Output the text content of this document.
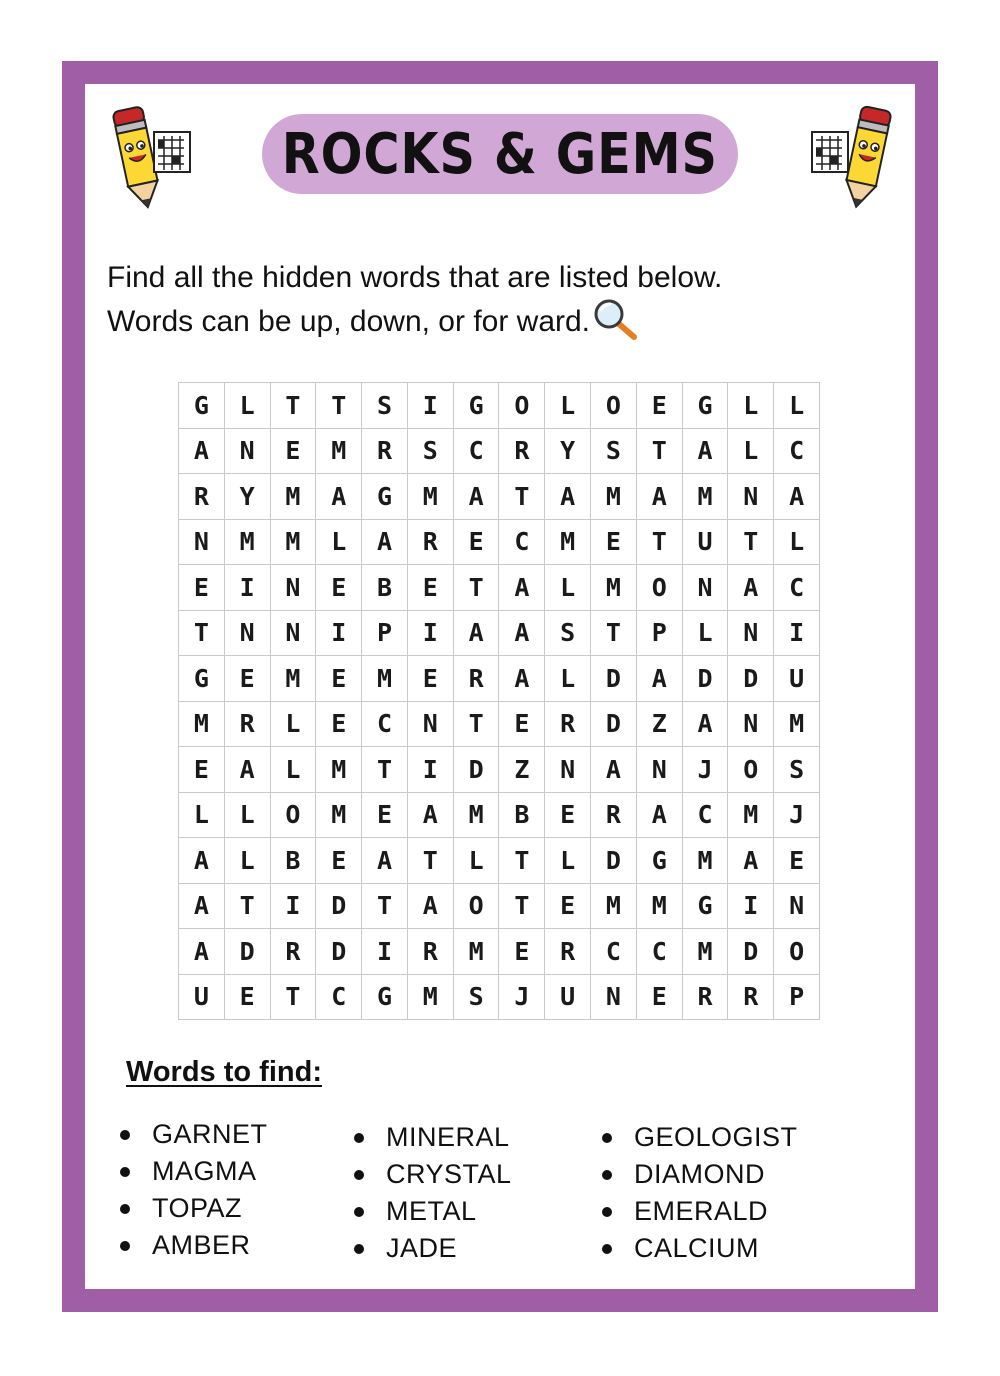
ROCKS & GEMS
Find all the hidden words that are listed below.
Words can be up, down, or for ward.
G	L	T	T	S	I	G	O	L	O	E	G	L	L
A	N	E	M	R	S	C	R	Y	S	T	A	L	C
R	Y	M	A	G	M	A	T	A	M	A	M	N	A
N	M	M	L	A	R	E	C	M	E	T	U	T	L
E	I	N	E	B	E	T	A	L	M	O	N	A	C
T	N	N	I	P	I	A	A	S	T	P	L	N	I
G	E	M	E	M	E	R	A	L	D	A	D	D	U
M	R	L	E	C	N	T	E	R	D	Z	A	N	M
E	A	L	M	T	I	D	Z	N	A	N	J	O	S
L	L	O	M	E	A	M	B	E	R	A	C	M	J
A	L	B	E	A	T	L	T	L	D	G	M	A	E
A	T	I	D	T	A	O	T	E	M	M	G	I	N
A	D	R	D	I	R	M	E	R	C	C	M	D	O
U	E	T	C	G	M	S	J	U	N	E	R	R	P
Words to find:
GARNET
MAGMA
TOPAZ
AMBER
MINERAL
CRYSTAL
METAL
JADE
GEOLOGIST
DIAMOND
EMERALD
CALCIUM
